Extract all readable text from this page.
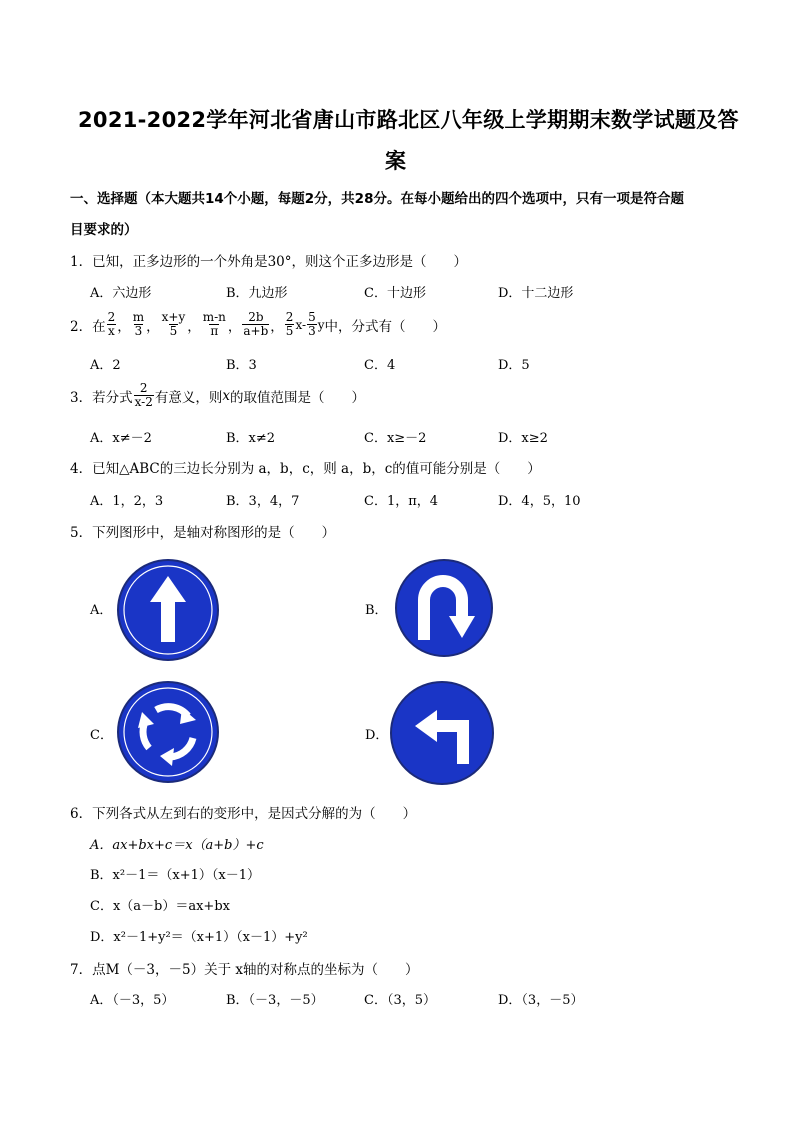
2021-2022学年河北省唐山市路北区八年级上学期期末数学试题及答
案
一、选择题（本大题共14个小题，每题2分，共28分。在每小题给出的四个选项中，只有一项是符合题
目要求的）
1．已知，正多边形的一个外角是30°，则这个正多边形是（　　）
A．六边形	B．九边形	C．十边形	D．十二边形
2．在 $\frac{2}{x}$ ， $\frac{m}{3}$ ， $\frac{x+y}{5}$ ， $\frac{m-n}{\pi}$ ， $\frac{2b}{a+b}$ ， $\frac{2}{5} x- \frac{5}{3}$ y 中，分式有（　　）
A．2	B．3	C．4	D．5
3．若分式 $\frac{2}{x-2}$ 有意义，则 x 的取值范围是（　　）
A．x≠－2	B．x≠2	C．x≥－2	D．x≥2
4．已知△ABC的三边长分别为 a，b，c，则 a，b，c的值可能分别是（　　）
A．1，2，3	B．3，4，7	C．1，π，4	D．4，5，10
5．下列图形中，是轴对称图形的是（　　）
A．	B．
C．	D．
6．下列各式从左到右的变形中，是因式分解的为（　　）
A．ax+bx+c＝x（a+b）+c
B．x²－1＝（x+1）（x－1）
C．x（a－b）＝ax+bx
D．x²－1+y²＝（x+1）（x－1）+y²
7．点M（－3，－5）关于 x轴的对称点的坐标为（　　）
A．（－3，5）	B．（－3，－5）	C．（3，5）	D．（3，－5）
